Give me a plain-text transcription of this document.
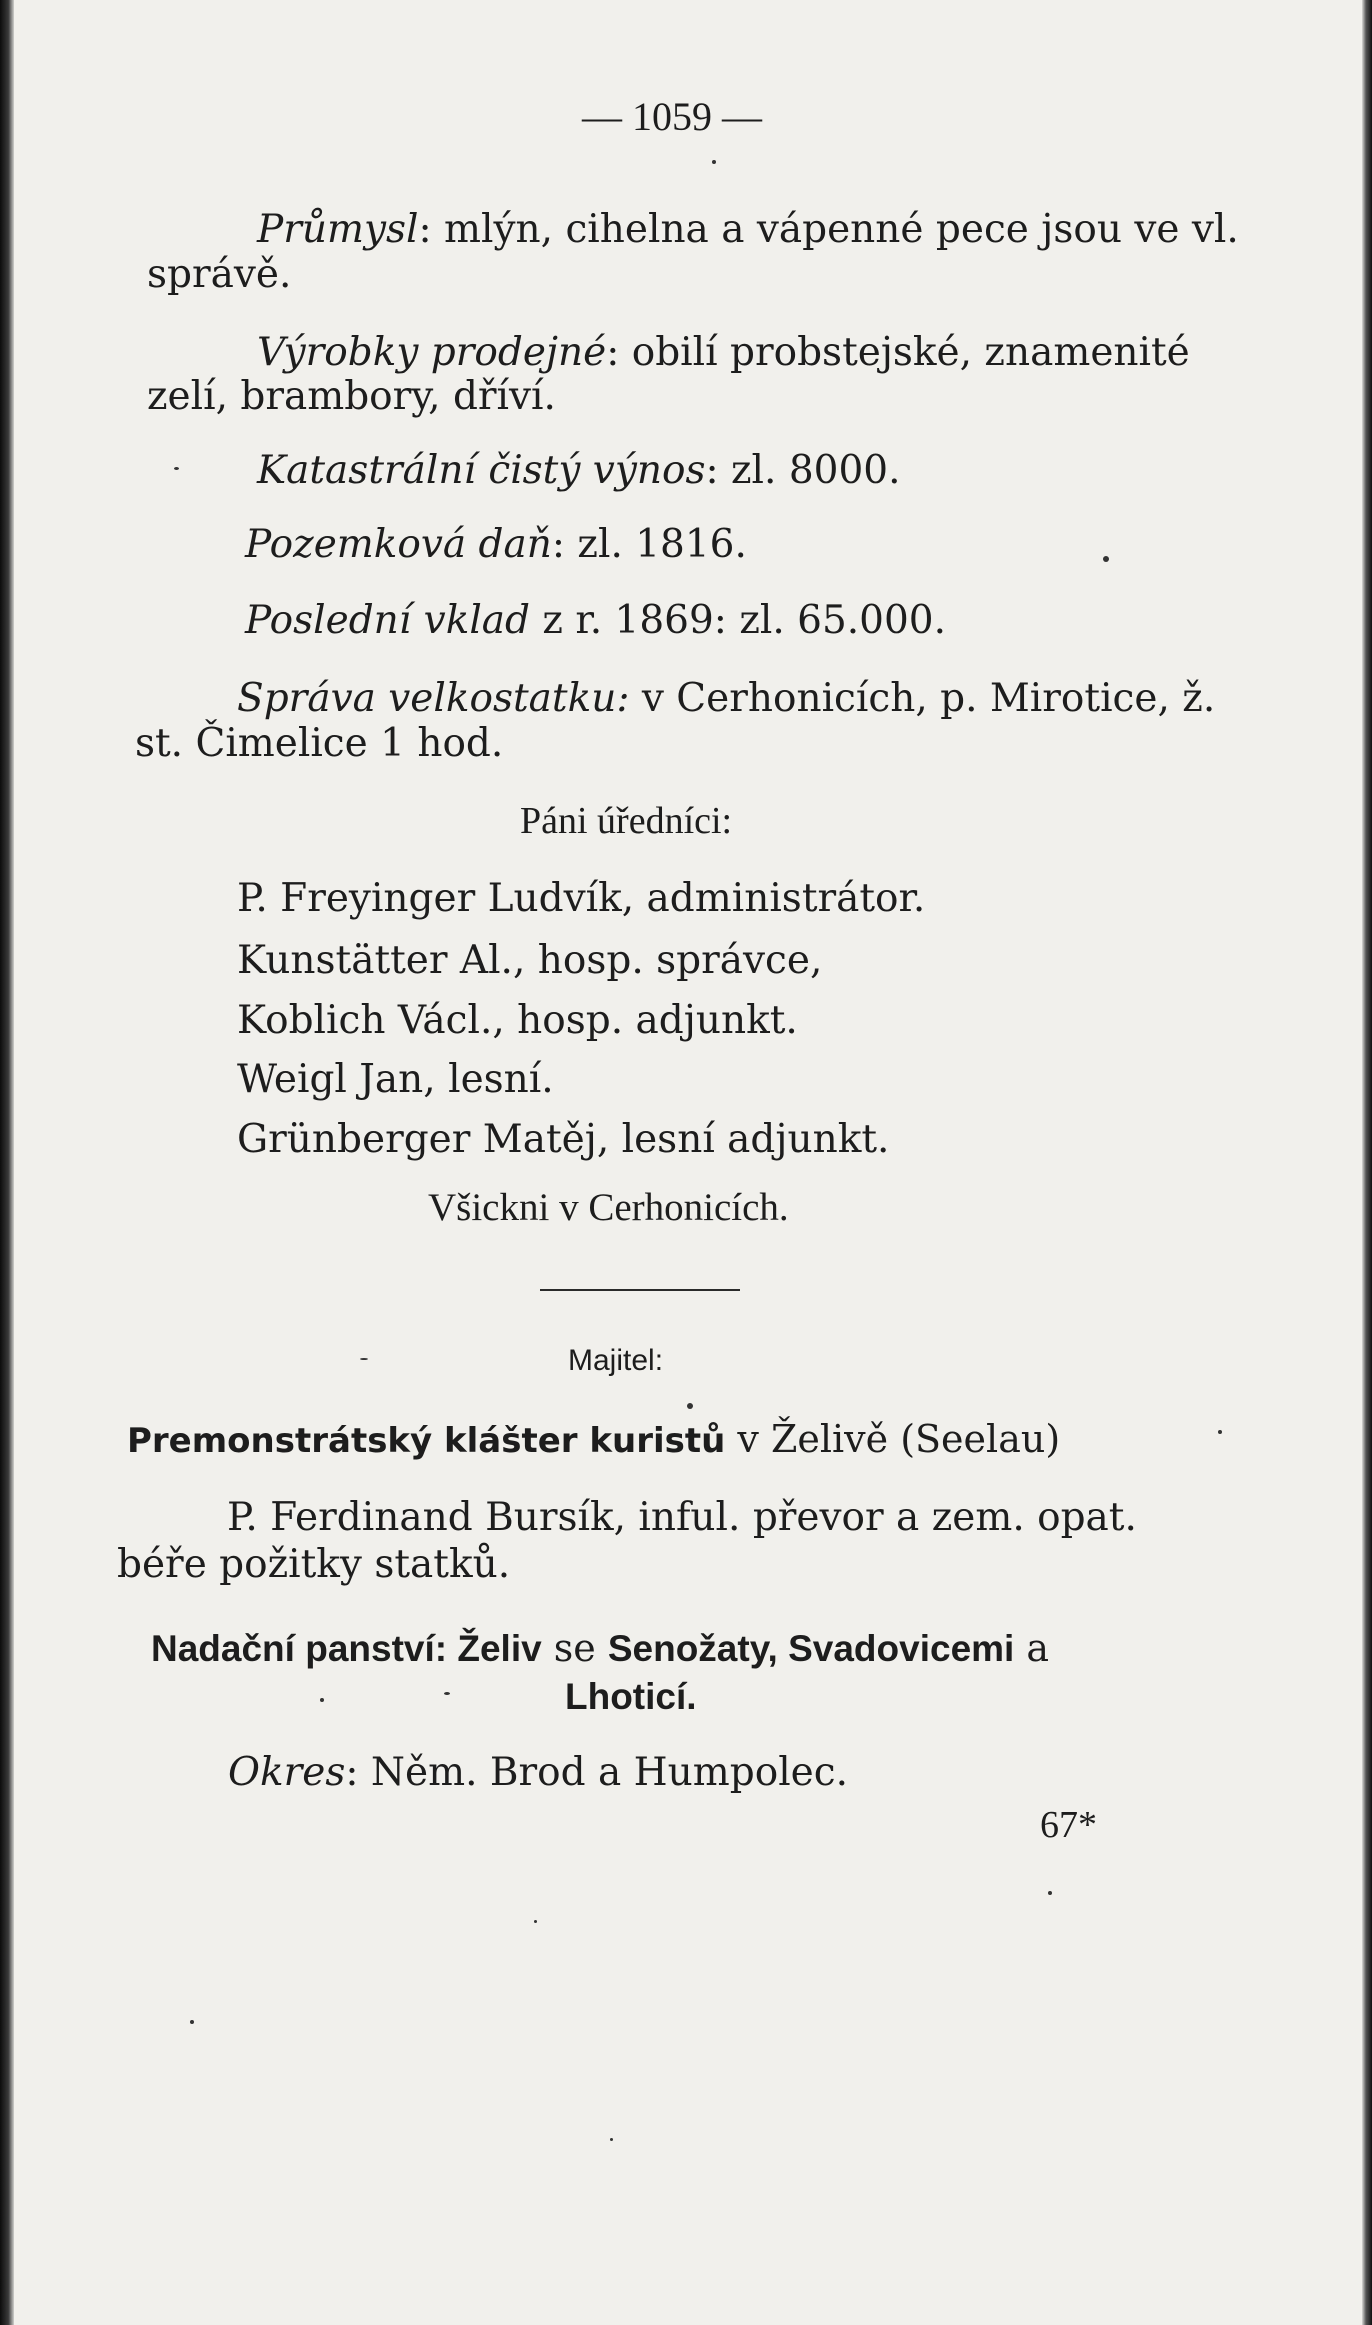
— 1059 —
Průmysl: mlýn, cihelna a vápenné pece jsou ve vl.
správě.
Výrobky prodejné: obilí probstejské, znamenité
zelí, brambory, dříví.
Katastrální čistý výnos: zl. 8000.
Pozemková daň: zl. 1816.
Poslední vklad z r. 1869: zl. 65.000.
Správa velkostatku: v Cerhonicích, p. Mirotice, ž.
st. Čimelice 1 hod.
Páni úředníci:
P. Freyinger Ludvík, administrátor.
Kunstätter Al., hosp. správce,
Koblich Václ., hosp. adjunkt.
Weigl Jan, lesní.
Grünberger Matěj, lesní adjunkt.
Všickni v Cerhonicích.
Majitel:
Premonstrátský klášter kuristů v Želivě (Seelau)
P. Ferdinand Bursík, inful. převor a zem. opat.
béře požitky statků.
Nadační panství: Želiv se Senožaty, Svadovicemi a
Lhoticí.
Okres: Něm. Brod a Humpolec.
67*
